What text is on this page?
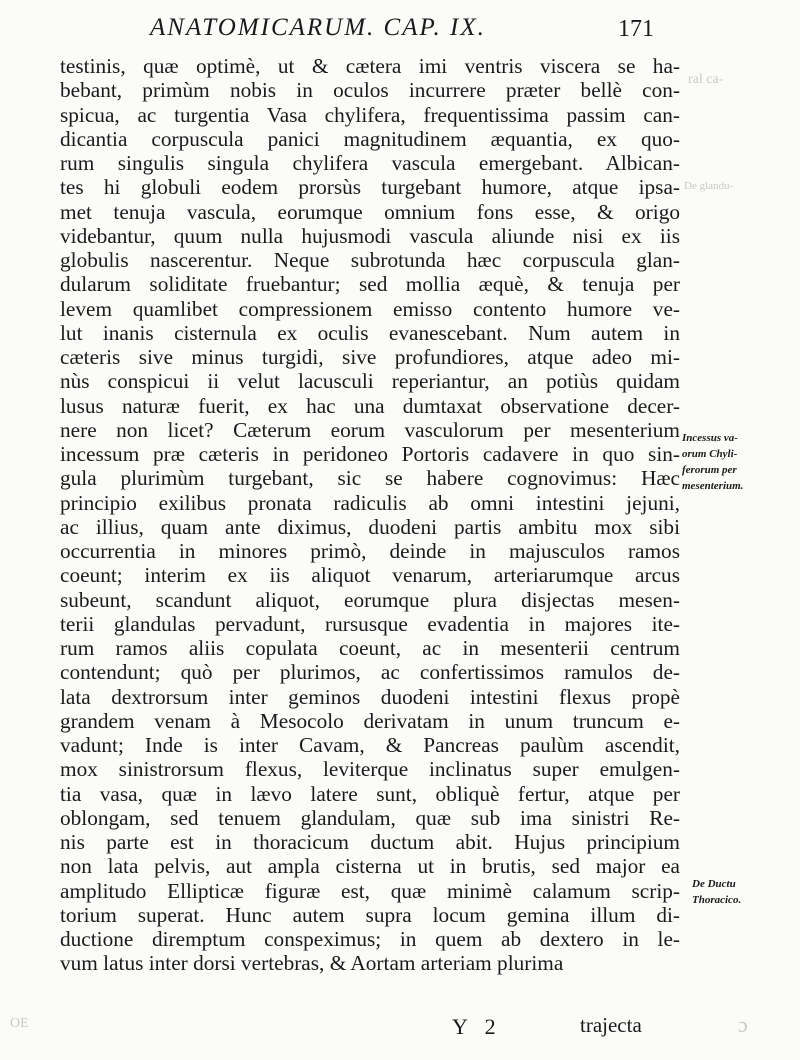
ANATOMICARUM. CAP. IX.	171
testinis, quæ optimè, ut & cætera imi ventris viscera se ha-
bebant, primùm nobis in oculos incurrere præter bellè con-
spicua, ac turgentia Vasa chylifera, frequentissima passim can-
dicantia corpuscula panici magnitudinem æquantia, ex quo-
rum singulis singula chylifera vascula emergebant. Albican-
tes hi globuli eodem prorsùs turgebant humore, atque ipsa-
met tenuja vascula, eorumque omnium fons esse, & origo
videbantur, quum nulla hujusmodi vascula aliunde nisi ex iis
globulis nascerentur. Neque subrotunda hæc corpuscula glan-
dularum soliditate fruebantur; sed mollia æquè, & tenuja per
levem quamlibet compressionem emisso contento humore ve-
lut inanis cisternula ex oculis evanescebant. Num autem in
cæteris sive minus turgidi, sive profundiores, atque adeo mi-
nùs conspicui ii velut lacusculi reperiantur, an potiùs quidam
lusus naturæ fuerit, ex hac una dumtaxat observatione decer-
nere non licet? Cæterum eorum vasculorum per mesenterium
incessum præ cæteris in peridoneo Portoris cadavere in quo sin-
gula plurimùm turgebant, sic se habere cognovimus: Hæc
principio exilibus pronata radiculis ab omni intestini jejuni,
ac illius, quam ante diximus, duodeni partis ambitu mox sibi
occurrentia in minores primò, deinde in majusculos ramos
coeunt; interim ex iis aliquot venarum, arteriarumque arcus
subeunt, scandunt aliquot, eorumque plura disjectas mesen-
terii glandulas pervadunt, rursusque evadentia in majores ite-
rum ramos aliis copulata coeunt, ac in mesenterii centrum
contendunt; quò per plurimos, ac confertissimos ramulos de-
lata dextrorsum inter geminos duodeni intestini flexus propè
grandem venam à Mesocolo derivatam in unum truncum e-
vadunt; Inde is inter Cavam, & Pancreas paulùm ascendit,
mox sinistrorsum flexus, leviterque inclinatus super emulgen-
tia vasa, quæ in lævo latere sunt, obliquè fertur, atque per
oblongam, sed tenuem glandulam, quæ sub ima sinistri Re-
nis parte est in thoracicum ductum abit. Hujus principium
non lata pelvis, aut ampla cisterna ut in brutis, sed major ea
amplitudo Ellipticæ figuræ est, quæ minimè calamum scrip-
torium superat. Hunc autem supra locum gemina illum di-
ductione diremptum conspeximus; in quem ab dextero in le-
vum latus inter dorsi vertebras, & Aortam arteriam plurima
Incessus va-
orum Chyli-
ferorum per
mesenterium.
De Ductu
Thoracico.
Y 2	trajecta
ral ca-
De glandu-
OE	ɔ
